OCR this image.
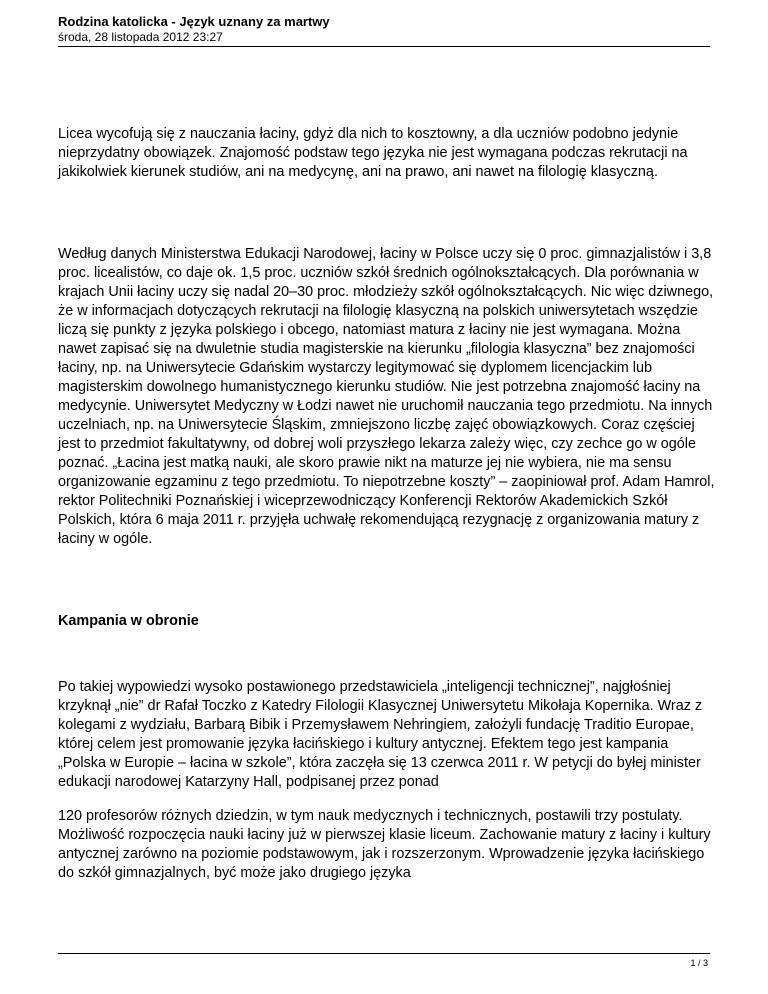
Rodzina katolicka - Język uznany za martwy
środa, 28 listopada 2012 23:27

Licea wycofują się z nauczania łaciny, gdyż dla nich to kosztowny, a dla uczniów podobno jedynie nieprzydatny obowiązek. Znajomość podstaw tego języka nie jest wymagana podczas rekrutacji na jakikolwiek kierunek studiów, ani na medycynę, ani na prawo, ani nawet na filologię klasyczną.

Według danych Ministerstwa Edukacji Narodowej, łaciny w Polsce uczy się 0 proc. gimnazjalistów i 3,8 proc. licealistów, co daje ok. 1,5 proc. uczniów szkół średnich ogólnokształcących. Dla porównania w krajach Unii łaciny uczy się nadal 20–30 proc. młodzieży szkół ogólnokształcących. Nic więc dziwnego, że w informacjach dotyczących rekrutacji na filologię klasyczną na polskich uniwersytetach wszędzie liczą się punkty z języka polskiego i obcego, natomiast matura z łaciny nie jest wymagana. Można nawet zapisać się na dwuletnie studia magisterskie na kierunku „filologia klasyczna” bez znajomości łaciny, np. na Uniwersytecie Gdańskim wystarczy legitymować się dyplomem licencjackim lub magisterskim dowolnego humanistycznego kierunku studiów. Nie jest potrzebna znajomość łaciny na medycynie. Uniwersytet Medyczny w Łodzi nawet nie uruchomił nauczania tego przedmiotu. Na innych uczelniach, np. na Uniwersytecie Śląskim, zmniejszono liczbę zajęć obowiązkowych. Coraz częściej jest to przedmiot fakultatywny, od dobrej woli przyszłego lekarza zależy więc, czy zechce go w ogóle poznać. „Łacina jest matką nauki, ale skoro prawie nikt na maturze jej nie wybiera, nie ma sensu organizowanie egzaminu z tego przedmiotu. To niepotrzebne koszty” – zaopiniował prof. Adam Hamrol, rektor Politechniki Poznańskiej i wiceprzewodniczący Konferencji Rektorów Akademickich Szkół Polskich, która 6 maja 2011 r. przyjęła uchwałę rekomendującą rezygnację z organizowania matury z łaciny w ogóle.

Kampania w obronie

Po takiej wypowiedzi wysoko postawionego przedstawiciela „inteligencji technicznej”, najgłośniej krzyknął „nie” dr Rafał Toczko z Katedry Filologii Klasycznej Uniwersytetu Mikołaja Kopernika. Wraz z kolegami z wydziału, Barbarą Bibik i Przemysławem Nehringiem, założyli fundację Traditio Europae, której celem jest promowanie języka łacińskiego i kultury antycznej. Efektem tego jest kampania „Polska w Europie – łacina w szkole”, która zaczęła się 13 czerwca 2011 r. W petycji do byłej minister edukacji narodowej Katarzyny Hall, podpisanej przez ponad

120 profesorów różnych dziedzin, w tym nauk medycznych i technicznych, postawili trzy postulaty. Możliwość rozpoczęcia nauki łaciny już w pierwszej klasie liceum. Zachowanie matury z łaciny i kultury antycznej zarówno na poziomie podstawowym, jak i rozszerzonym. Wprowadzenie języka łacińskiego do szkół gimnazjalnych, być może jako drugiego języka

1 / 3
